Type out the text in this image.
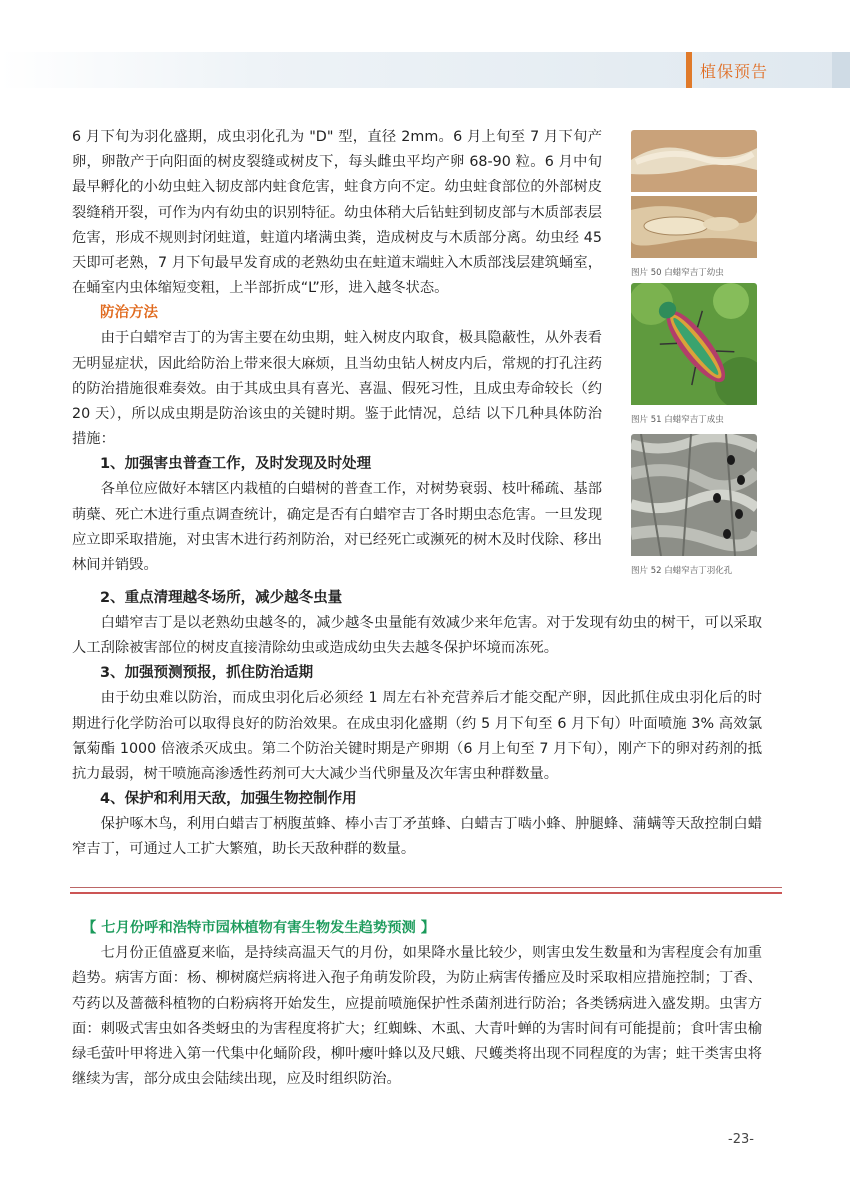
植保预告

6 月下旬为羽化盛期，成虫羽化孔为 "D" 型，直径 2mm。6 月上旬至 7 月下旬产卵，卵散产于向阳面的树皮裂缝或树皮下，每头雌虫平均产卵 68-90 粒。6 月中旬最早孵化的小幼虫蛀入韧皮部内蛀食危害，蛀食方向不定。幼虫蛀食部位的外部树皮裂缝稍开裂，可作为内有幼虫的识别特征。幼虫体稍大后钻蛀到韧皮部与木质部表层危害，形成不规则封闭蛀道，蛀道内堵满虫粪，造成树皮与木质部分离。幼虫经 45 天即可老熟，7 月下旬最早发育成的老熟幼虫在蛀道末端蛀入木质部浅层建筑蛹室，在蛹室内虫体缩短变粗，上半部折成“L”形，进入越冬状态。

防治方法

由于白蜡窄吉丁的为害主要在幼虫期，蛀入树皮内取食，极具隐蔽性，从外表看无明显症状，因此给防治上带来很大麻烦，且当幼虫钻人树皮内后，常规的打孔注药的防治措施很难奏效。由于其成虫具有喜光、喜温、假死习性，且成虫寿命较长（约 20 天），所以成虫期是防治该虫的关键时期。鉴于此情况，总结 以下几种具体防治措施：

1、加强害虫普查工作，及时发现及时处理

各单位应做好本辖区内栽植的白蜡树的普查工作，对树势衰弱、枝叶稀疏、基部萌蘖、死亡木进行重点调查统计，确定是否有白蜡窄吉丁各时期虫态危害。一旦发现应立即采取措施，对虫害木进行药剂防治，对已经死亡或濒死的树木及时伐除、移出林间并销毁。

2、重点清理越冬场所，减少越冬虫量

白蜡窄吉丁是以老熟幼虫越冬的，减少越冬虫量能有效减少来年危害。对于发现有幼虫的树干，可以采取人工刮除被害部位的树皮直接清除幼虫或造成幼虫失去越冬保护坏境而冻死。

3、加强预测预报，抓住防治适期

由于幼虫难以防治，而成虫羽化后必须经 1 周左右补充营养后才能交配产卵，因此抓住成虫羽化后的时期进行化学防治可以取得良好的防治效果。在成虫羽化盛期（约 5 月下旬至 6 月下旬）叶面喷施 3% 高效氯氰菊酯 1000 倍液杀灭成虫。第二个防治关键时期是产卵期（6 月上旬至 7 月下旬），刚产下的卵对药剂的抵抗力最弱，树干喷施高渗透性药剂可大大减少当代卵量及次年害虫种群数量。

4、保护和利用天敌，加强生物控制作用

保护啄木鸟，利用白蜡吉丁柄腹茧蜂、棒小吉丁矛茧蜂、白蜡吉丁啮小蜂、肿腿蜂、蒲螨等天敌控制白蜡窄吉丁，可通过人工扩大繁殖，助长天敌种群的数量。

图片 50 白蜡窄吉丁幼虫
图片 51 白蜡窄吉丁成虫
图片 52 白蜡窄吉丁羽化孔
【 七月份呼和浩特市园林植物有害生物发生趋势预测 】

七月份正值盛夏来临，是持续高温天气的月份，如果降水量比较少，则害虫发生数量和为害程度会有加重趋势。病害方面：杨、柳树腐烂病将进入孢子角萌发阶段，为防止病害传播应及时采取相应措施控制；丁香、芍药以及蔷薇科植物的白粉病将开始发生，应提前喷施保护性杀菌剂进行防治；各类锈病进入盛发期。虫害方面：刺吸式害虫如各类蚜虫的为害程度将扩大；红蜘蛛、木虱、大青叶蝉的为害时间有可能提前；食叶害虫榆绿毛萤叶甲将进入第一代集中化蛹阶段，柳叶瘿叶蜂以及尺蛾、尺蠖类将出现不同程度的为害；蛀干类害虫将继续为害，部分成虫会陆续出现，应及时组织防治。

-23-
